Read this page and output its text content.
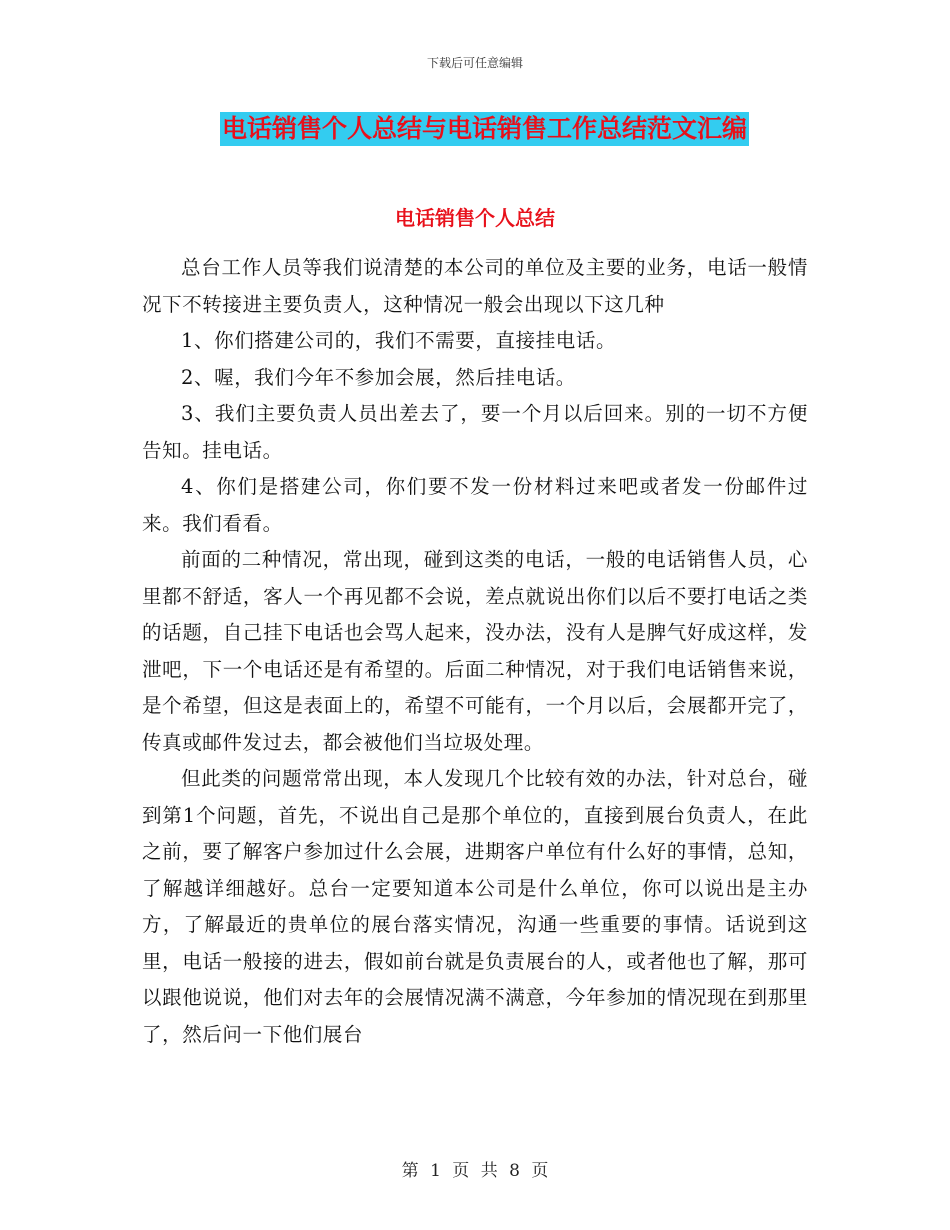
下载后可任意编辑
电话销售个人总结与电话销售工作总结范文汇编
电话销售个人总结

总台工作人员等我们说清楚的本公司的单位及主要的业务，电话一般情况下不转接进主要负责人，这种情况一般会出现以下这几种

1、你们搭建公司的，我们不需要，直接挂电话。

2、喔，我们今年不参加会展，然后挂电话。

3、我们主要负责人员出差去了，要一个月以后回来。别的一切不方便告知。挂电话。

4、你们是搭建公司，你们要不发一份材料过来吧或者发一份邮件过来。我们看看。

前面的二种情况，常出现，碰到这类的电话，一般的电话销售人员，心里都不舒适，客人一个再见都不会说，差点就说出你们以后不要打电话之类的话题，自己挂下电话也会骂人起来，没办法，没有人是脾气好成这样，发泄吧，下一个电话还是有希望的。后面二种情况，对于我们电话销售来说，是个希望，但这是表面上的，希望不可能有，一个月以后，会展都开完了，传真或邮件发过去，都会被他们当垃圾处理。

但此类的问题常常出现，本人发现几个比较有效的办法，针对总台，碰到第1个问题，首先，不说出自己是那个单位的，直接到展台负责人，在此之前，要了解客户参加过什么会展，进期客户单位有什么好的事情，总知，了解越详细越好。总台一定要知道本公司是什么单位，你可以说出是主办方，了解最近的贵单位的展台落实情况，沟通一些重要的事情。话说到这里，电话一般接的进去，假如前台就是负责展台的人，或者他也了解，那可以跟他说说，他们对去年的会展情况满不满意，今年参加的情况现在到那里了，然后问一下他们展台

第 1 页 共 8 页
